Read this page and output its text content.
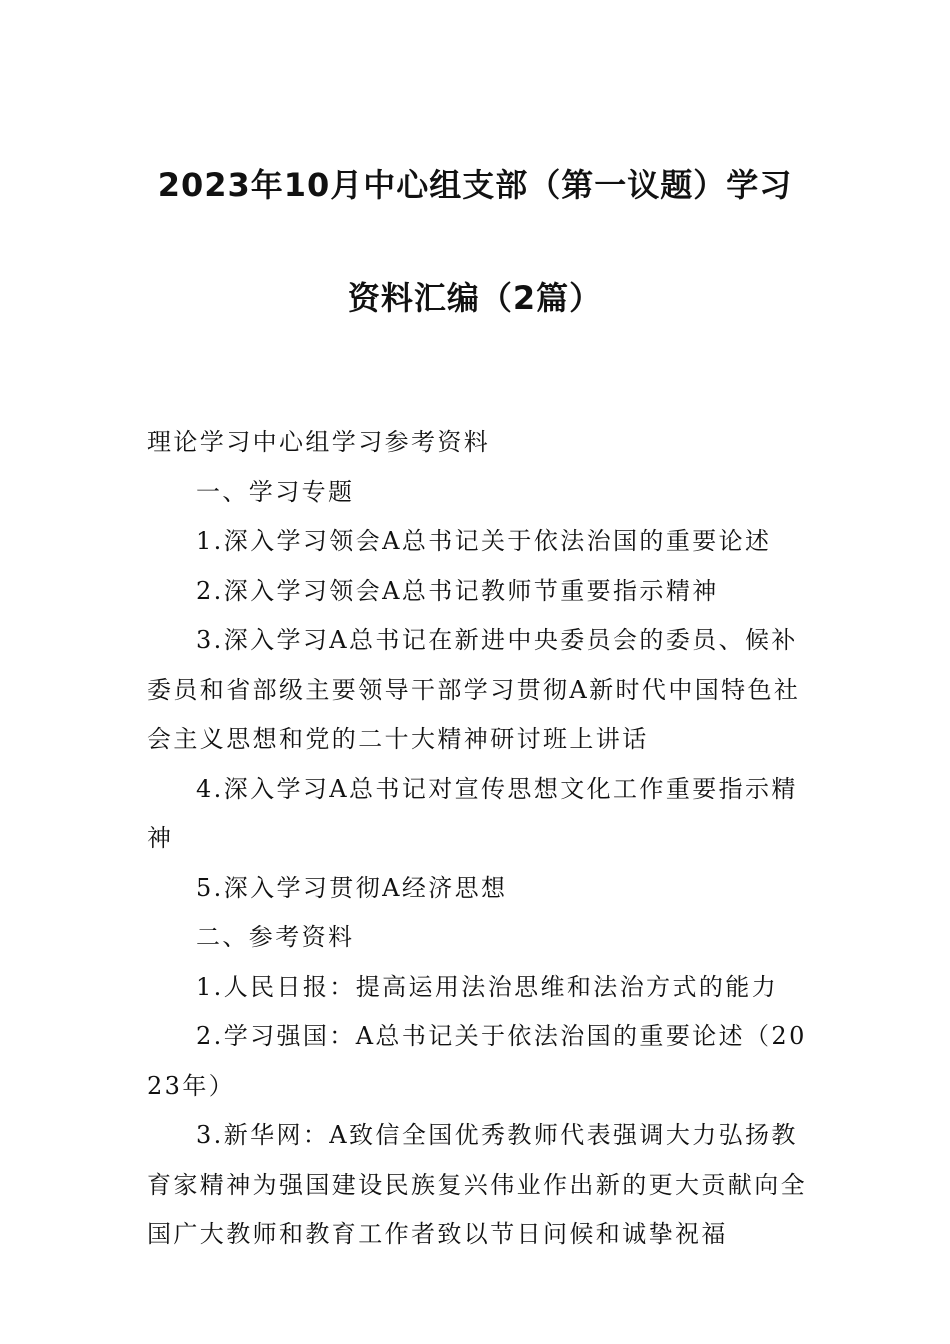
2023年10月中心组支部（第一议题）学习
资料汇编（2篇）

理论学习中心组学习参考资料

一、学习专题

1.深入学习领会A总书记关于依法治国的重要论述

2.深入学习领会A总书记教师节重要指示精神

3.深入学习A总书记在新进中央委员会的委员、候补委员和省部级主要领导干部学习贯彻A新时代中国特色社会主义思想和党的二十大精神研讨班上讲话

4.深入学习A总书记对宣传思想文化工作重要指示精神

5.深入学习贯彻A经济思想

二、参考资料

1.人民日报：提高运用法治思维和法治方式的能力

2.学习强国：A总书记关于依法治国的重要论述（2023年）

3.新华网：A致信全国优秀教师代表强调大力弘扬教育家精神为强国建设民族复兴伟业作出新的更大贡献向全国广大教师和教育工作者致以节日问候和诚挚祝福
